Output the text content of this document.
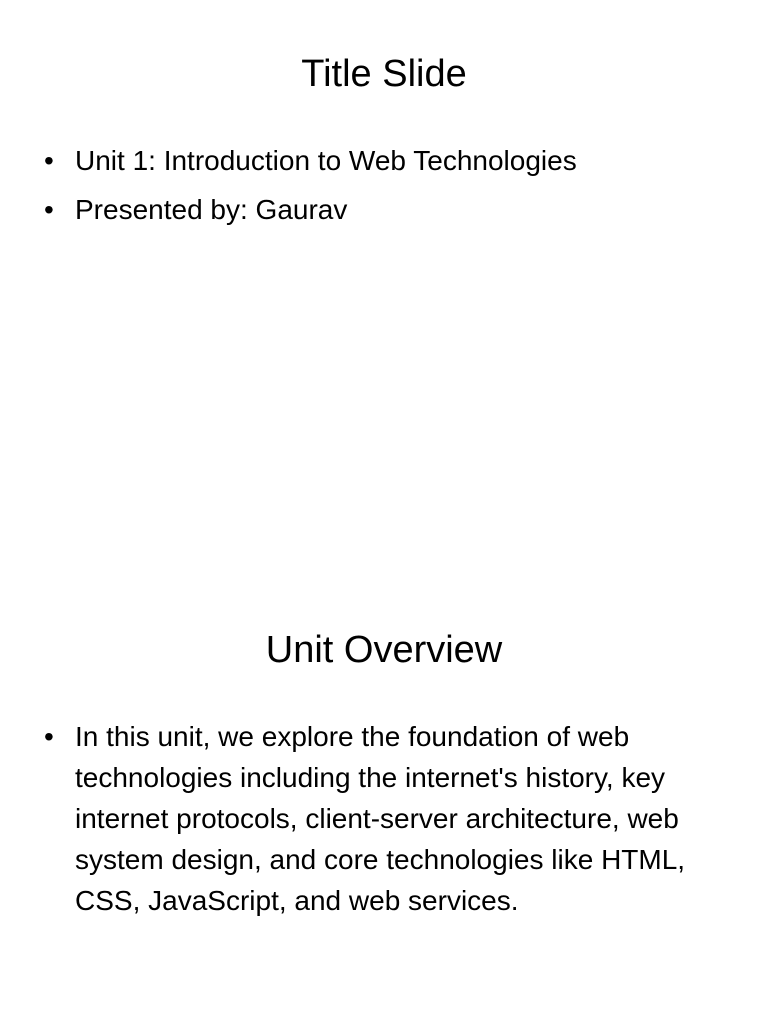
Title Slide
• Unit 1: Introduction to Web Technologies
• Presented by: Gaurav
Unit Overview
• In this unit, we explore the foundation of web technologies including the internet's history, key internet protocols, client-server architecture, web system design, and core technologies like HTML, CSS, JavaScript, and web services.
